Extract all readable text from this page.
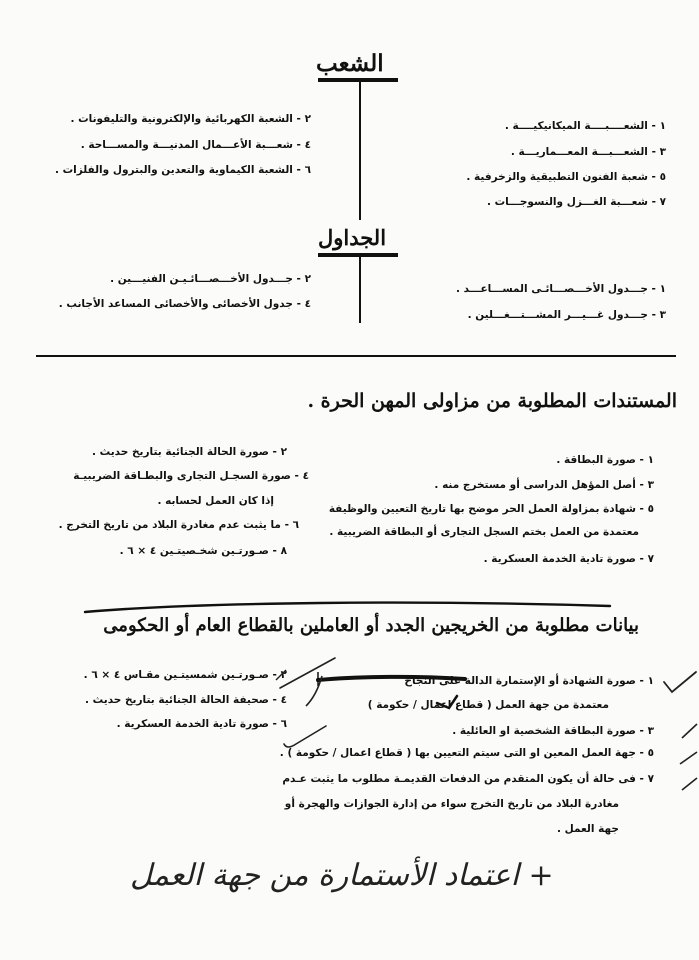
الشعب
١ - الشعــــبــــة الميكانيكيــــة .
٣ - الشعـــبـــة المعـــماريـــة .
٥ - شعبة الفنون التطبيقية والزخرفية .
٧ - شعـــبة الغـــزل والنسوجـــات .
٢ - الشعبة الكهربائية والإلكترونية والتليفونات .
٤ - شعـــبة الأعـــمال المدنيـــة والمســـاحة .
٦ - الشعبة الكيماوية والتعدين والبترول والفلزات .
الجداول
١ - جـــدول الأخـــصـــائـى المســـاعـــد .
٣ - جـــدول غـــيـــر المشـــتـــغـــلين .
٢ - جـــدول الأخـــصـــائـيـن الفنيـــين .
٤ - جدول الأخصائى والأخصائى المساعد الأجانب .
المستندات المطلوبة من مزاولى المهن الحرة .
١ - صورة البطاقة .
٣ - أصل المؤهل الدراسى أو مستخرج منه .
٥ - شهادة بمزاولة العمل الحر موضح بها تاريخ التعيين والوظيفة
معتمدة من العمل بختم السجل التجارى أو البطاقة الضريبية .
٧ - صورة تادية الخدمة العسكرية .
٢ - صورة الحالة الجنائية بتاريخ حديث .
٤ - صورة السجـل التجارى والبطـاقة الضريبيـة
إذا كان العمل لحسابه .
٦ - ما يثبت عدم مغادرة البلاد من تاريخ التخرج .
٨ - صـورتـين شخـصيتـين ٤ × ٦ .
بيانات مطلوبة من الخريجين الجدد أو العاملين بالقطاع العام أو الحكومى
١ - صورة الشهادة أو الإستمارة الدالة على النجاح
معتمدة من جهة العمل ( قطاع اعمال / حكومة )
٣ - صورة البطاقة الشخصية او العائلية .
٥ - جهة العمل المعين او التى سيتم التعيين بها ( قطاع اعمال / حكومة ) .
٧ - فى حالة أن يكون المتقدم من الدفعات القديمـة مطلوب ما يثبت عـدم
مغادرة البلاد من تاريخ التخرج سواء من إدارة الجوازات والهجرة أو
جهة العمل .
٢ - صـورتـين شمسيتـين مقـاس ٤ × ٦ .
٤ - صحيفة الحالة الجنائية بتاريخ حديث .
٦ - صورة تادية الخدمة العسكرية .
+ اعتماد الأستمارة من جهة العمل
